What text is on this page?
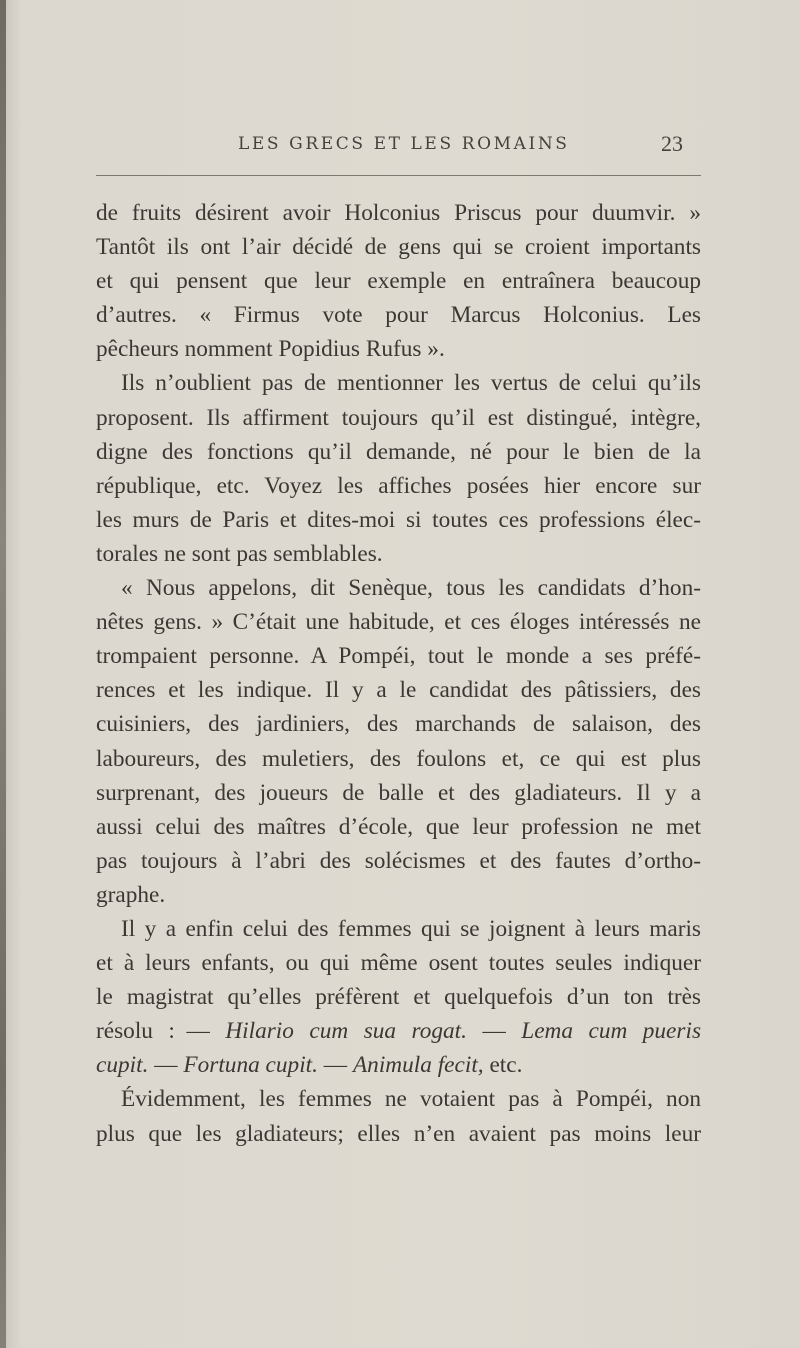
LES GRECS ET LES ROMAINS	23
de fruits désirent avoir Holconius Priscus pour duumvir. »
Tantôt ils ont l’air décidé de gens qui se croient importants
et qui pensent que leur exemple en entraînera beaucoup
d’autres. « Firmus vote pour Marcus Holconius. Les
pêcheurs nomment Popidius Rufus ».
Ils n’oublient pas de mentionner les vertus de celui qu’ils
proposent. Ils affirment toujours qu’il est distingué, intègre,
digne des fonctions qu’il demande, né pour le bien de la
république, etc. Voyez les affiches posées hier encore sur
les murs de Paris et dites-moi si toutes ces professions élec-
torales ne sont pas semblables.
« Nous appelons, dit Senèque, tous les candidats d’hon-
nêtes gens. » C’était une habitude, et ces éloges intéressés ne
trompaient personne. A Pompéi, tout le monde a ses préfé-
rences et les indique. Il y a le candidat des pâtissiers, des
cuisiniers, des jardiniers, des marchands de salaison, des
laboureurs, des muletiers, des foulons et, ce qui est plus
surprenant, des joueurs de balle et des gladiateurs. Il y a
aussi celui des maîtres d’école, que leur profession ne met
pas toujours à l’abri des solécismes et des fautes d’ortho-
graphe.
Il y a enfin celui des femmes qui se joignent à leurs maris
et à leurs enfants, ou qui même osent toutes seules indiquer
le magistrat qu’elles préfèrent et quelquefois d’un ton très
résolu :  — Hilario cum sua rogat. — Lema cum pueris
cupit. — Fortuna cupit. — Animula fecit, etc.
Évidemment, les femmes ne votaient pas à Pompéi, non
plus que les gladiateurs; elles n’en avaient pas moins leur
